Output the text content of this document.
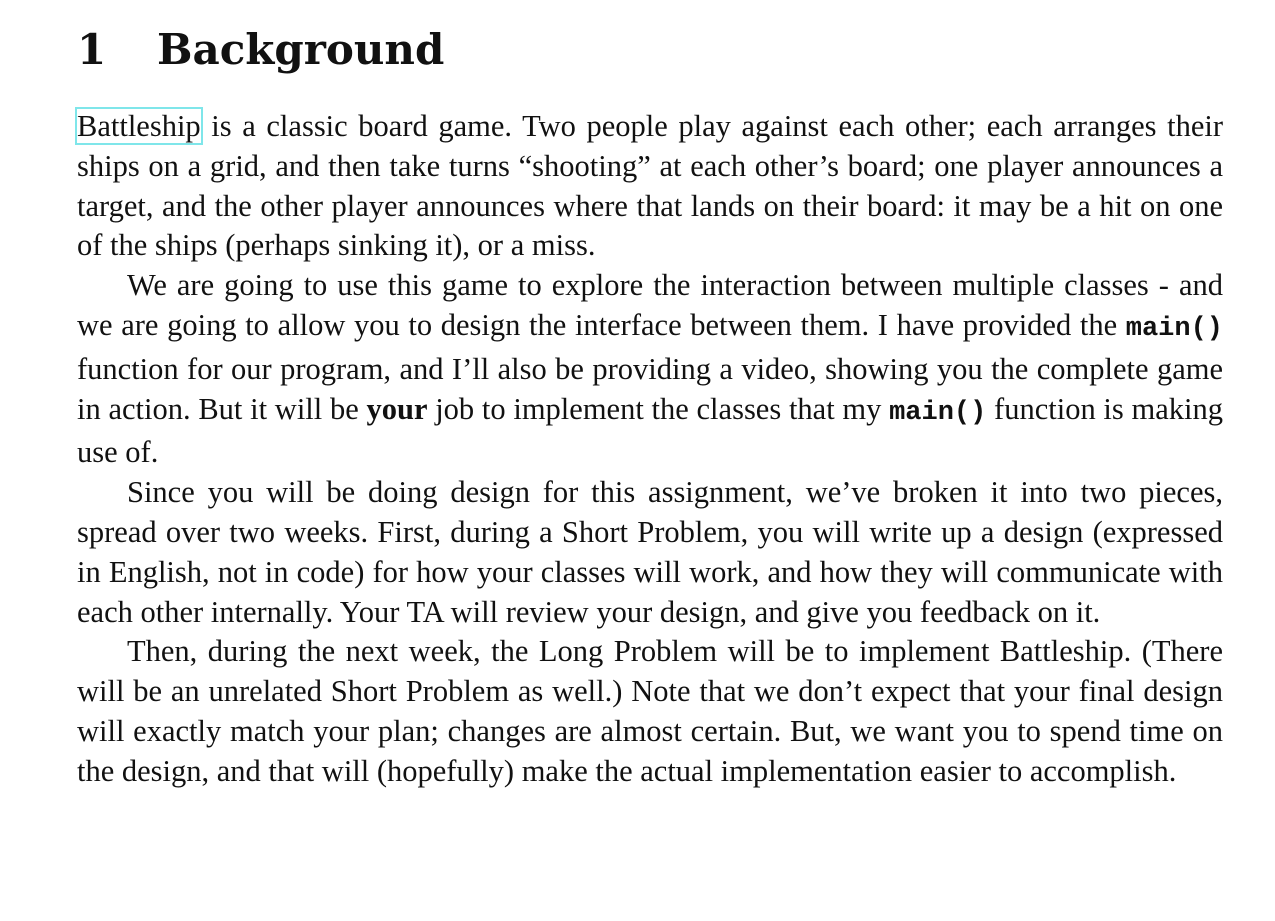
1 Background

Battleship is a classic board game. Two people play against each other; each arranges their ships on a grid, and then take turns “shooting” at each other’s board; one player announces a target, and the other player announces where that lands on their board: it may be a hit on one of the ships (perhaps sinking it), or a miss.

We are going to use this game to explore the interaction between multiple classes - and we are going to allow you to design the interface between them. I have provided the main() function for our program, and I’ll also be providing a video, showing you the complete game in action. But it will be your job to implement the classes that my main() function is making use of.

Since you will be doing design for this assignment, we’ve broken it into two pieces, spread over two weeks. First, during a Short Problem, you will write up a design (expressed in English, not in code) for how your classes will work, and how they will communicate with each other internally. Your TA will review your design, and give you feedback on it.

Then, during the next week, the Long Problem will be to implement Battleship. (There will be an unrelated Short Problem as well.) Note that we don’t expect that your final design will exactly match your plan; changes are almost certain. But, we want you to spend time on the design, and that will (hopefully) make the actual implementation easier to accomplish.
